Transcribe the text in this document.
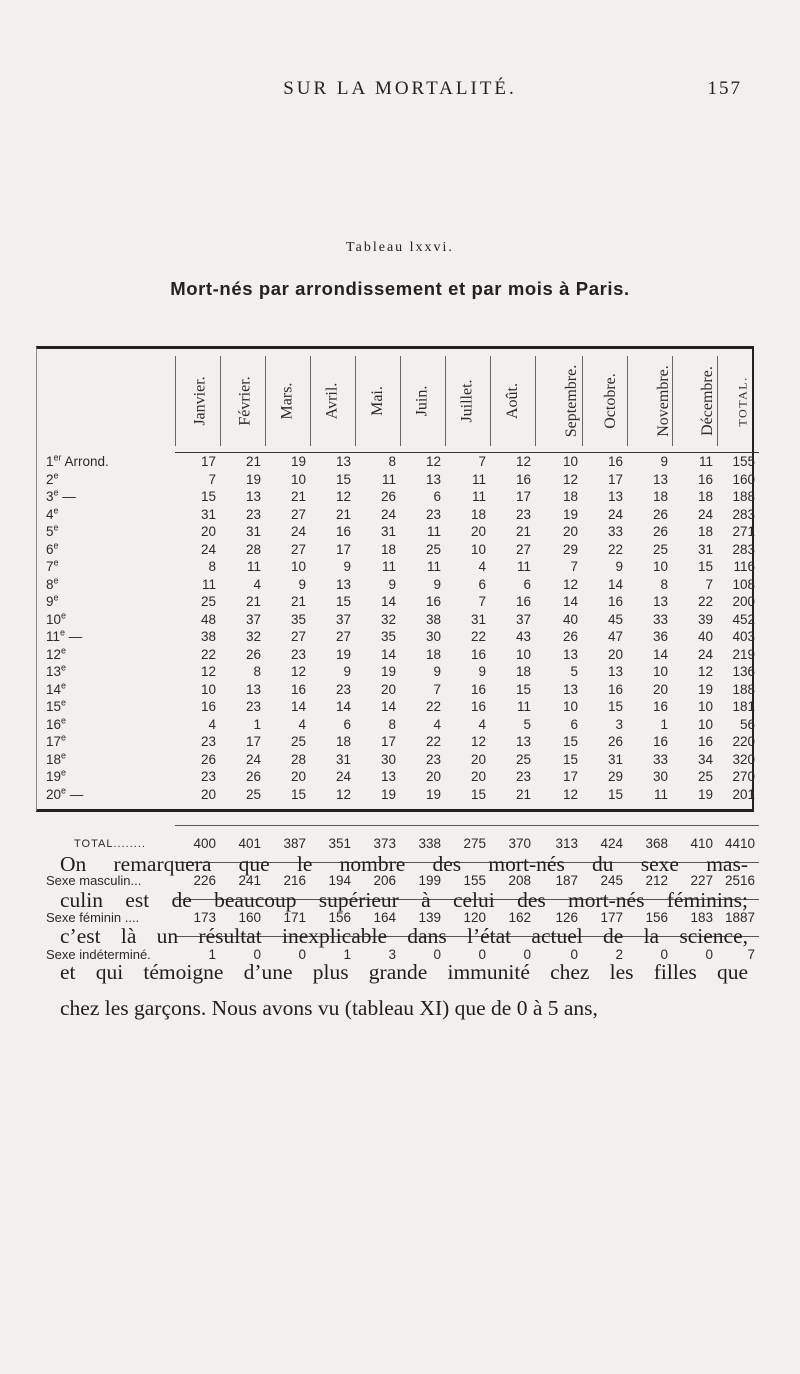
SUR LA MORTALITÉ.	157
Tableau lxxvi.
Mort-nés par arrondissement et par mois à Paris.
	Janvier.	Février.	Mars.	Avril.	Mai.	Juin.	Juillet.	Août.	Septembre.	Octobre.	Novembre.	Décembre.	TOTAL.

1er Arrond.	17	21	19	13	8	12	7	12	10	16	9	11	155
2e	7	19	10	15	11	13	11	16	12	17	13	16	160
3e —	15	13	21	12	26	6	11	17	18	13	18	18	188
4e	31	23	27	21	24	23	18	23	19	24	26	24	283
5e	20	31	24	16	31	11	20	21	20	33	26	18	271
6e	24	28	27	17	18	25	10	27	29	22	25	31	283
7e	8	11	10	9	11	11	4	11	7	9	10	15	116
8e	11	4	9	13	9	9	6	6	12	14	8	7	108
9e	25	21	21	15	14	16	7	16	14	16	13	22	200
10e	48	37	35	37	32	38	31	37	40	45	33	39	452
11e —	38	32	27	27	35	30	22	43	26	47	36	40	403
12e	22	26	23	19	14	18	16	10	13	20	14	24	219
13e	12	8	12	9	19	9	9	18	5	13	10	12	136
14e	10	13	16	23	20	7	16	15	13	16	20	19	188
15e	16	23	14	14	14	22	16	11	10	15	16	10	181
16e	4	1	4	6	8	4	4	5	6	3	1	10	56
17e	23	17	25	18	17	22	12	13	15	26	16	16	220
18e	26	24	28	31	30	23	20	25	15	31	33	34	320
19e	23	26	20	24	13	20	20	23	17	29	30	25	270
20e —	20	25	15	12	19	19	15	21	12	15	11	19	201

TOTAL........	400	401	387	351	373	338	275	370	313	424	368	410	4410
Sexe masculin...	226	241	216	194	206	199	155	208	187	245	212	227	2516
Sexe féminin ....	173	160	171	156	164	139	120	162	126	177	156	183	1887
Sexe indéterminé.	1	0	0	1	3	0	0	0	0	2	0	0	7

On remarquera que le nombre des mort-nés du sexe mas-

culin est de beaucoup supérieur à celui des mort-nés féminins;

c’est là un résultat inexplicable dans l’état actuel de la science,

et qui témoigne d’une plus grande immunité chez les filles que

chez les garçons. Nous avons vu (tableau XI) que de 0 à 5 ans,
